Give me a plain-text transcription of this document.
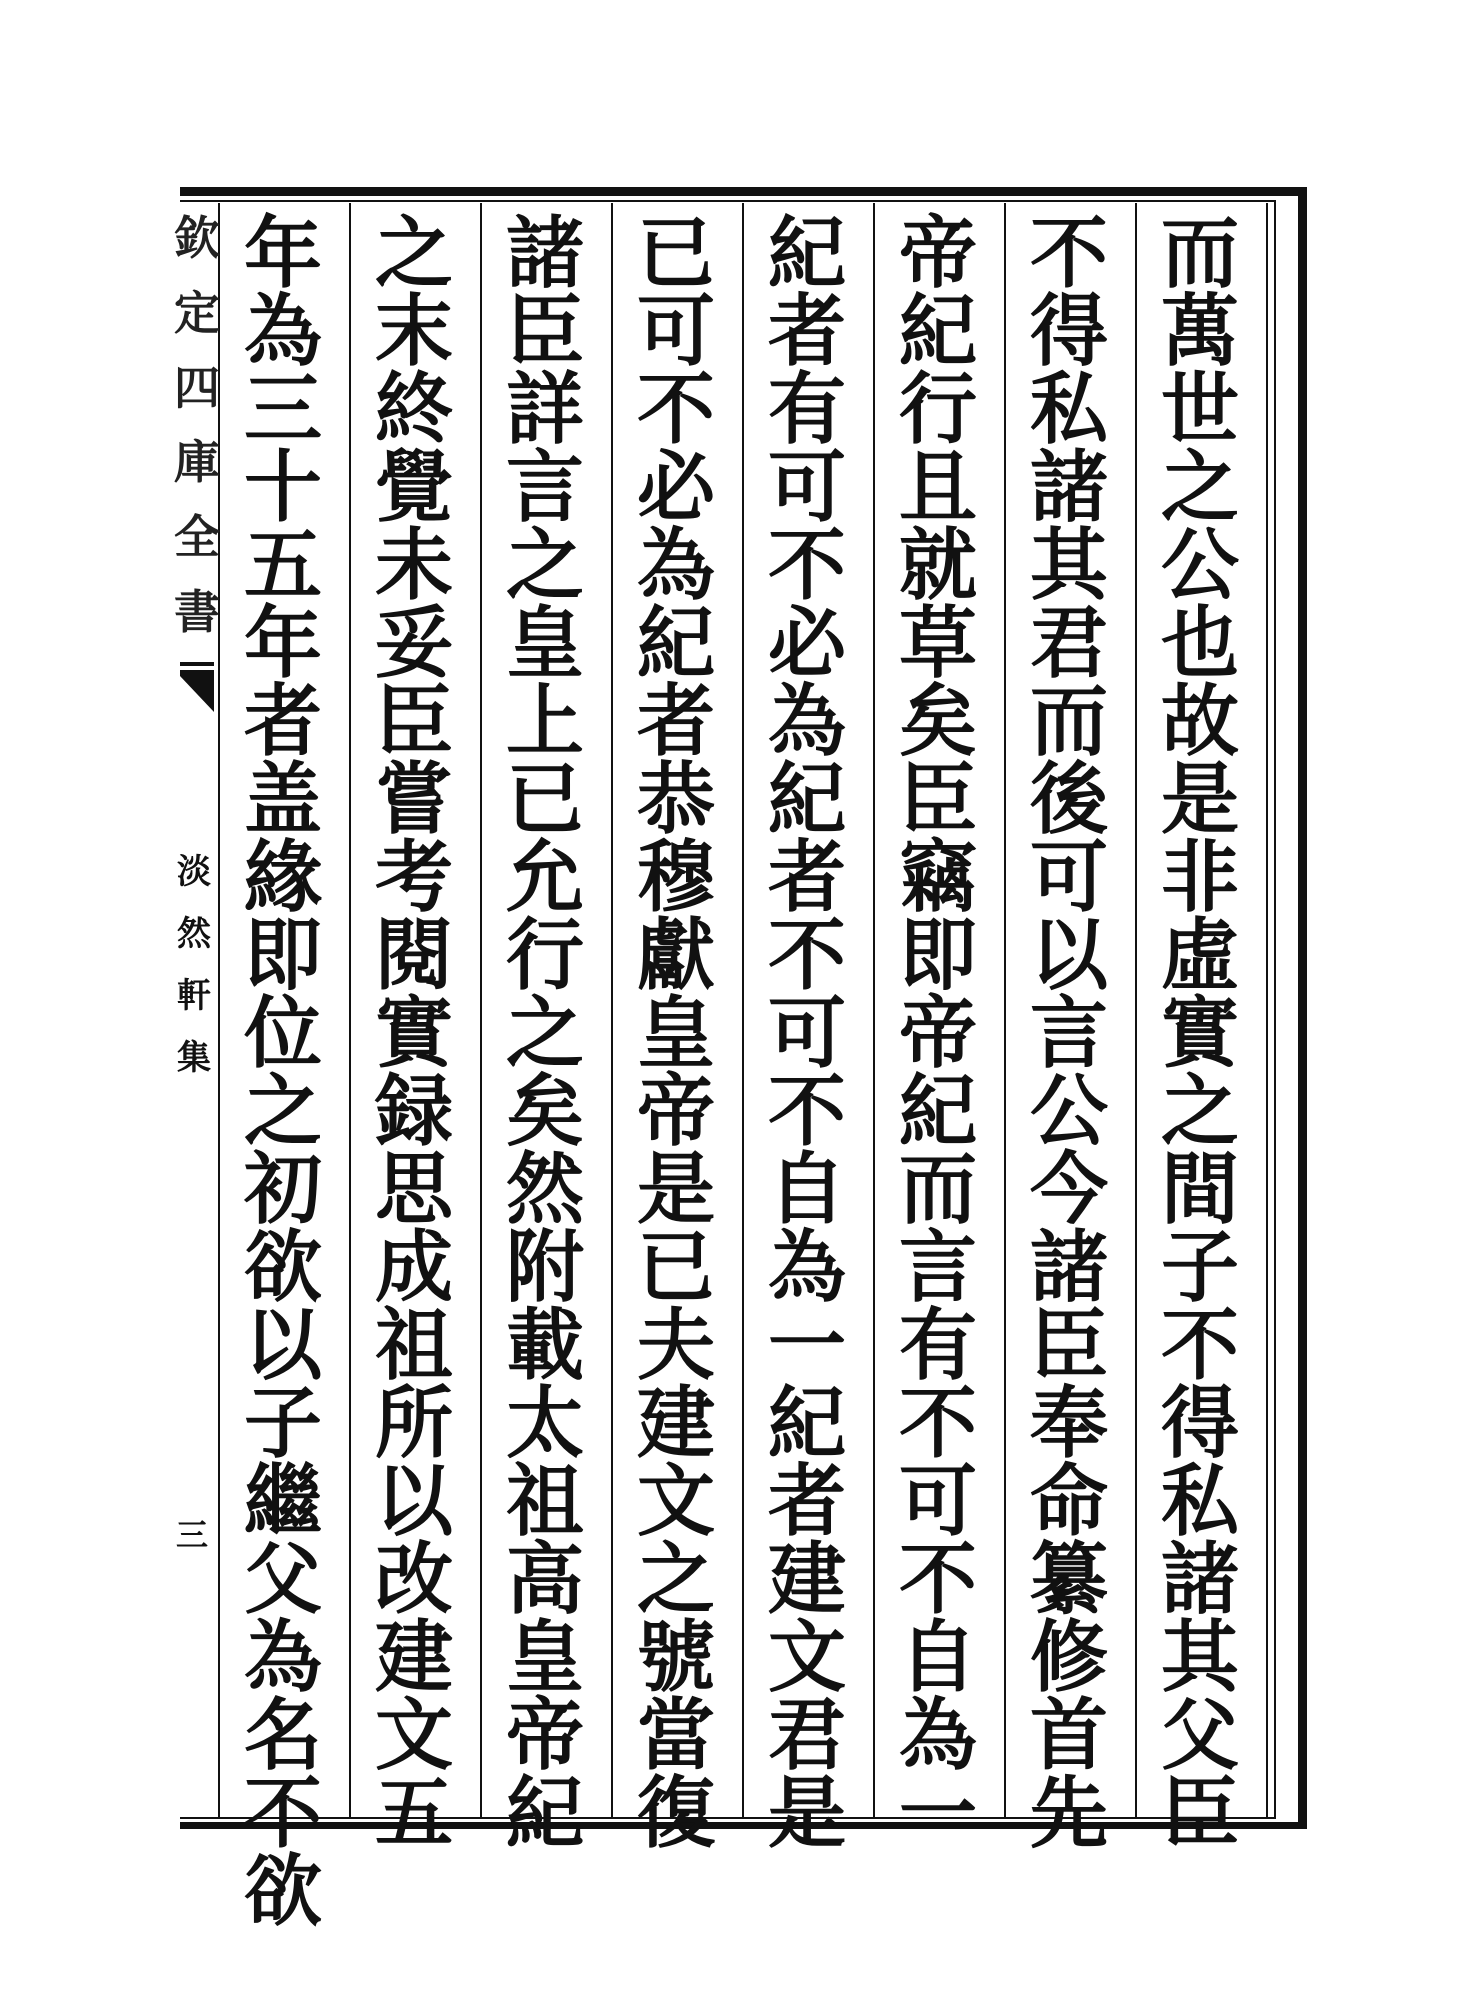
欽
定
四
庫
全
書
淡
然
軒
集
三
而
萬
世
之
公
也
故
是
非
虛
實
之
間
子
不
得
私
諸
其
父
臣
不
得
私
諸
其
君
而
後
可
以
言
公
今
諸
臣
奉
命
纂
修
首
先
帝
紀
行
且
就
草
矣
臣
竊
即
帝
紀
而
言
有
不
可
不
自
為
一
紀
者
有
可
不
必
為
紀
者
不
可
不
自
為
一
紀
者
建
文
君
是
已
可
不
必
為
紀
者
恭
穆
獻
皇
帝
是
已
夫
建
文
之
號
當
復
諸
臣
詳
言
之
皇
上
已
允
行
之
矣
然
附
載
太
祖
高
皇
帝
紀
之
末
終
覺
未
妥
臣
嘗
考
閱
實
録
思
成
祖
所
以
改
建
文
五
年
為
三
十
五
年
者
盖
緣
即
位
之
初
欲
以
子
繼
父
為
名
不
欲
